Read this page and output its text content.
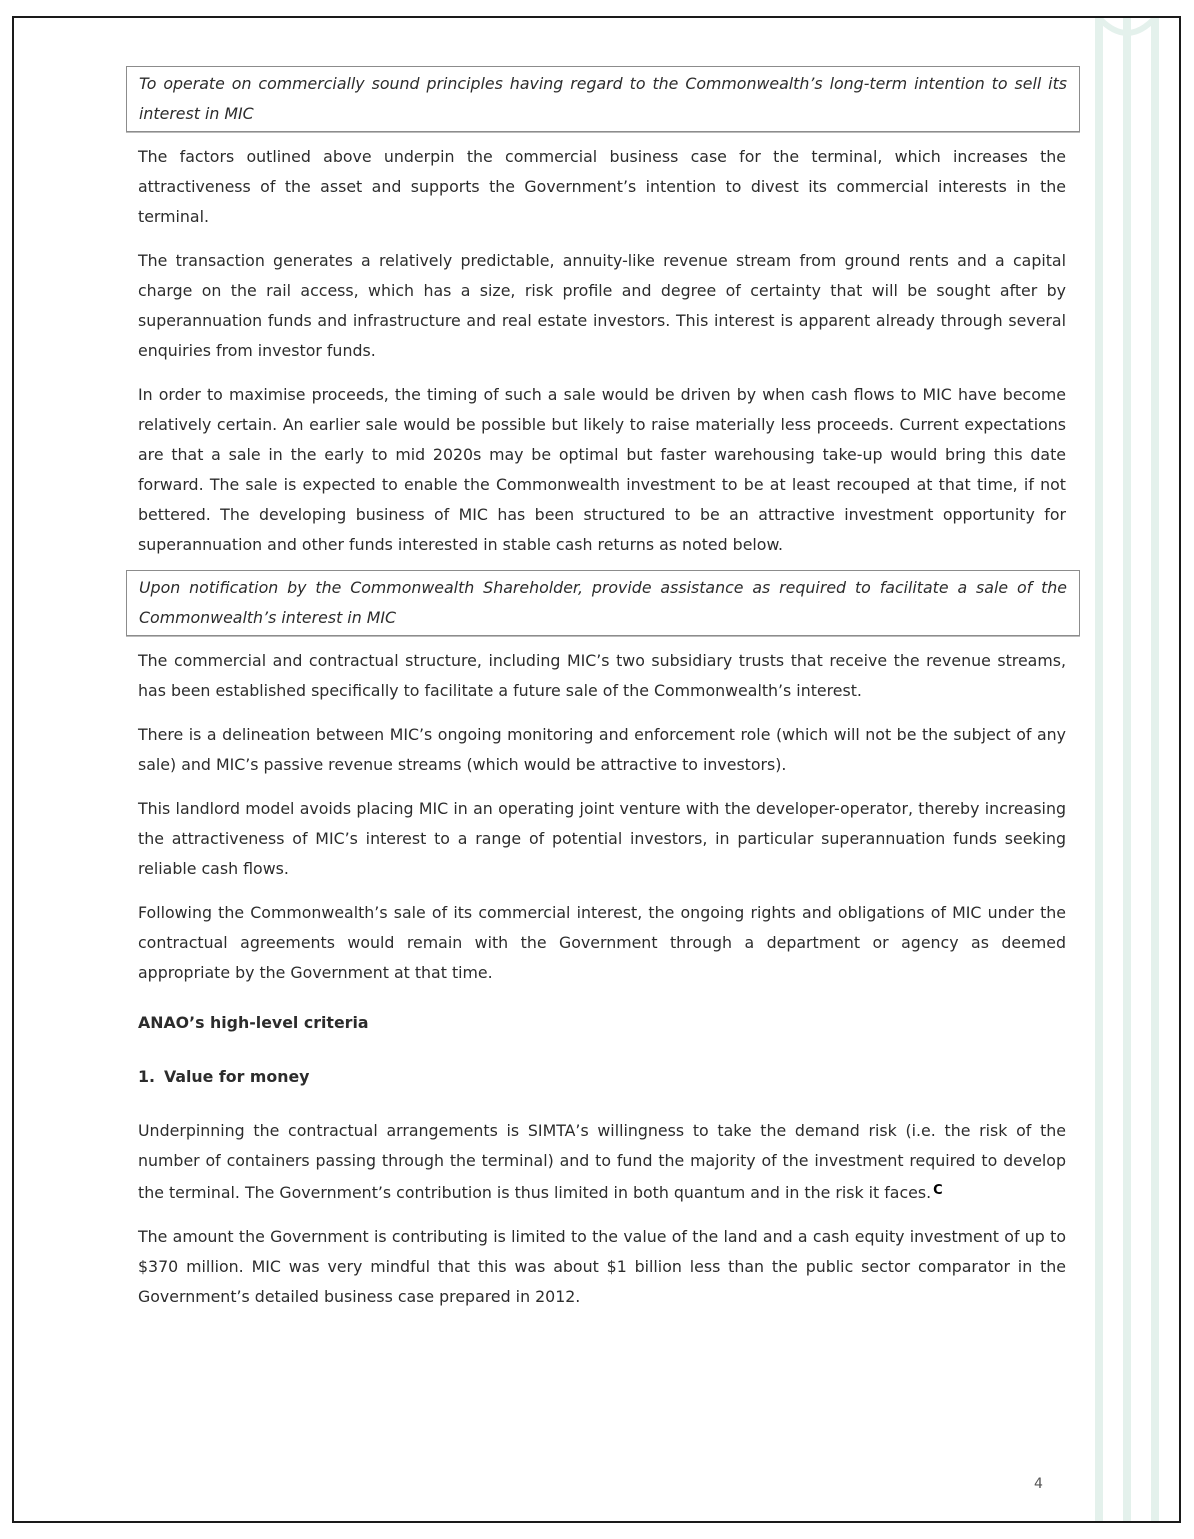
To operate on commercially sound principles having regard to the Commonwealth’s long-term intention to sell its interest in MIC

The factors outlined above underpin the commercial business case for the terminal, which increases the attractiveness of the asset and supports the Government’s intention to divest its commercial interests in the terminal.

The transaction generates a relatively predictable, annuity-like revenue stream from ground rents and a capital charge on the rail access, which has a size, risk profile and degree of certainty that will be sought after by superannuation funds and infrastructure and real estate investors. This interest is apparent already through several enquiries from investor funds.

In order to maximise proceeds, the timing of such a sale would be driven by when cash flows to MIC have become relatively certain. An earlier sale would be possible but likely to raise materially less proceeds. Current expectations are that a sale in the early to mid 2020s may be optimal but faster warehousing take-up would bring this date forward. The sale is expected to enable the Commonwealth investment to be at least recouped at that time, if not bettered. The developing business of MIC has been structured to be an attractive investment opportunity for superannuation and other funds interested in stable cash returns as noted below.

Upon notification by the Commonwealth Shareholder, provide assistance as required to facilitate a sale of the Commonwealth’s interest in MIC

The commercial and contractual structure, including MIC’s two subsidiary trusts that receive the revenue streams, has been established specifically to facilitate a future sale of the Commonwealth’s interest.

There is a delineation between MIC’s ongoing monitoring and enforcement role (which will not be the subject of any sale) and MIC’s passive revenue streams (which would be attractive to investors).

This landlord model avoids placing MIC in an operating joint venture with the developer-operator, thereby increasing the attractiveness of MIC’s interest to a range of potential investors, in particular superannuation funds seeking reliable cash flows.

Following the Commonwealth’s sale of its commercial interest, the ongoing rights and obligations of MIC under the contractual agreements would remain with the Government through a department or agency as deemed appropriate by the Government at that time.

ANAO’s high-level criteria
1. Value for money

Underpinning the contractual arrangements is SIMTA’s willingness to take the demand risk (i.e. the risk of the number of containers passing through the terminal) and to fund the majority of the investment required to develop the terminal. The Government’s contribution is thus limited in both quantum and in the risk it faces. $^C$

The amount the Government is contributing is limited to the value of the land and a cash equity investment of up to $370 million. MIC was very mindful that this was about $1 billion less than the public sector comparator in the Government’s detailed business case prepared in 2012.

4
